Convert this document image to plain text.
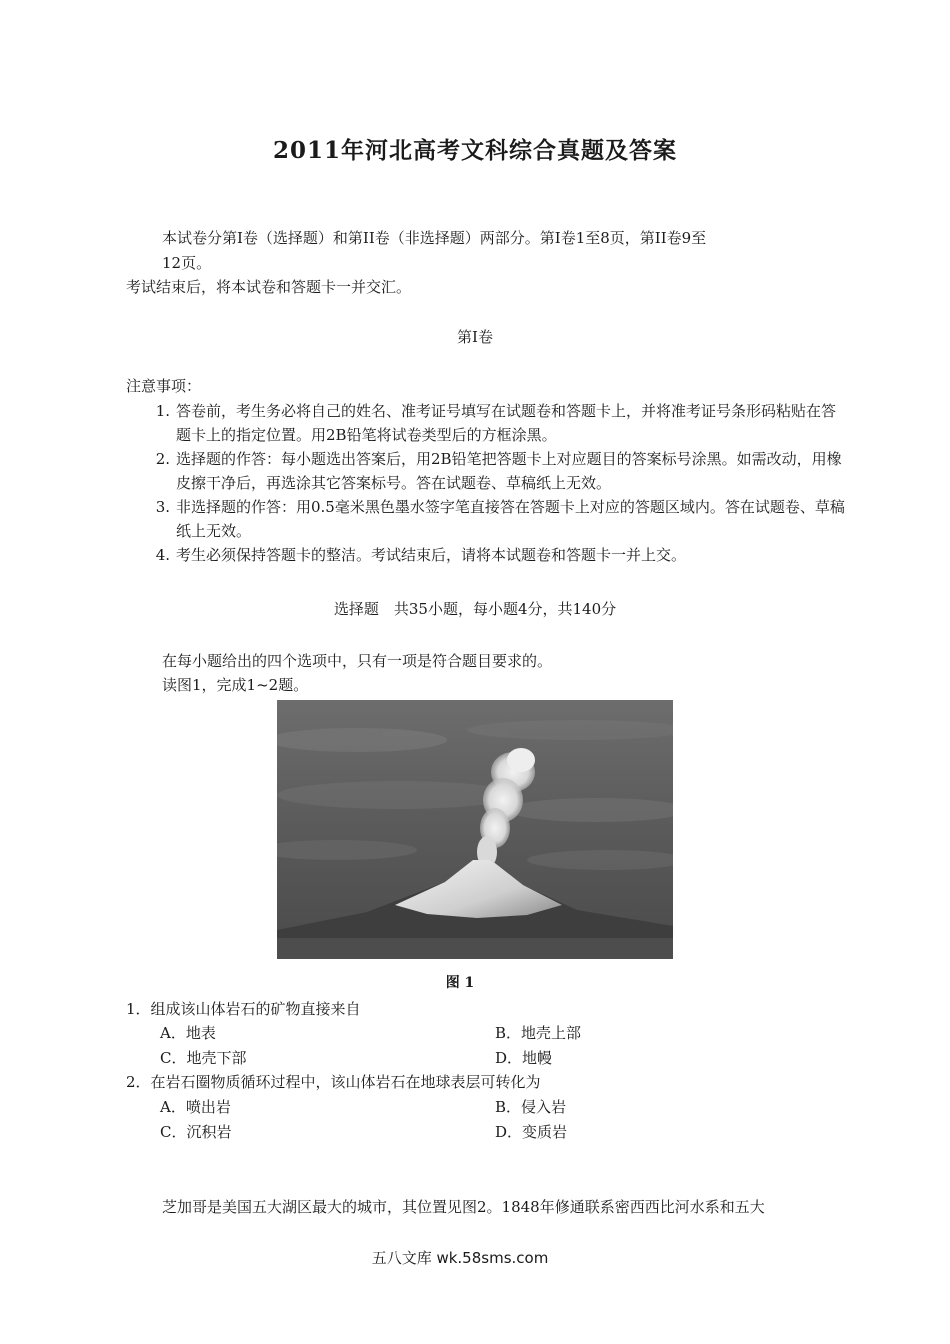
2011年河北高考文科综合真题及答案
本试卷分第I卷（选择题）和第II卷（非选择题）两部分。第I卷1至8页，第II卷9至
12页。
考试结束后，将本试卷和答题卡一并交汇。
第I卷
注意事项：
1. 答卷前，考生务必将自己的姓名、准考证号填写在试题卷和答题卡上，并将准考证号条形码粘贴在答题卡上的指定位置。用2B铅笔将试卷类型后的方框涂黑。
2. 选择题的作答：每小题选出答案后，用2B铅笔把答题卡上对应题目的答案标号涂黑。如需改动，用橡皮擦干净后，再选涂其它答案标号。答在试题卷、草稿纸上无效。
3. 非选择题的作答：用0.5毫米黑色墨水签字笔直接答在答题卡上对应的答题区域内。答在试题卷、草稿纸上无效。
4. 考生必须保持答题卡的整洁。考试结束后，请将本试题卷和答题卡一并上交。
选择题　共35小题，每小题4分，共140分
在每小题给出的四个选项中，只有一项是符合题目要求的。
读图1，完成1~2题。
图 1
1．组成该山体岩石的矿物直接来自
A．地表	B．地壳上部
C．地壳下部	D．地幔
2．在岩石圈物质循环过程中，该山体岩石在地球表层可转化为
A．喷出岩	B．侵入岩
C．沉积岩	D．变质岩
芝加哥是美国五大湖区最大的城市，其位置见图2。1848年修通联系密西西比河水系和五大
五八文库 wk.58sms.com
